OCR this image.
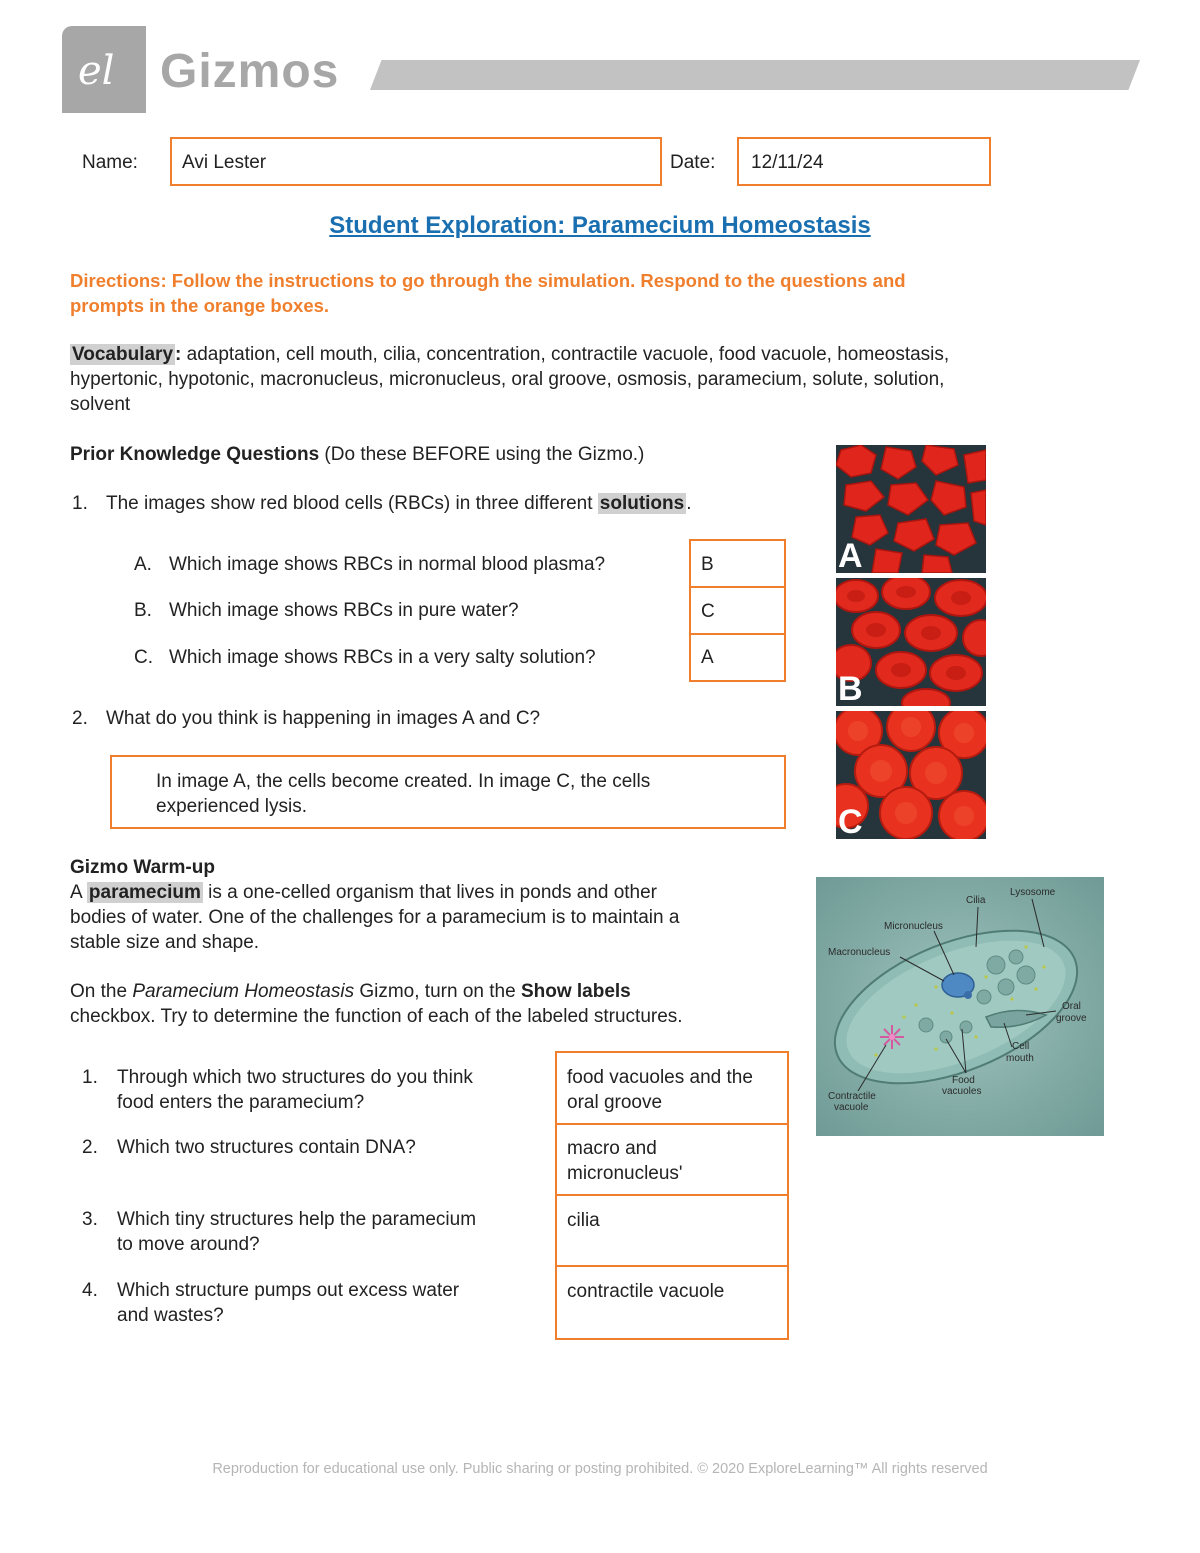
el Gizmos
Name: Avi Lester	Date: 12/11/24
Student Exploration: Paramecium Homeostasis
Directions: Follow the instructions to go through the simulation. Respond to the questions and
prompts in the orange boxes.
Vocabulary : adaptation, cell mouth, cilia, concentration, contractile vacuole, food vacuole, homeostasis,
hypertonic, hypotonic, macronucleus, micronucleus, oral groove, osmosis, paramecium, solute, solution,
solvent
Prior Knowledge Questions (Do these BEFORE using the Gizmo.)
1. The images show red blood cells (RBCs) in three different solutions .
A. Which image shows RBCs in normal blood plasma?
B. Which image shows RBCs in pure water?
C. Which image shows RBCs in a very salty solution?
B
C
A
2. What do you think is happening in images A and C?
In image A, the cells become created. In image C, the cells
experienced lysis.
A
B
C
Gizmo Warm-up
A paramecium is a one-celled organism that lives in ponds and other
bodies of water. One of the challenges for a paramecium is to maintain a
stable size and shape.
On the Paramecium Homeostasis Gizmo, turn on the Show labels
checkbox. Try to determine the function of each of the labeled structures.
Cilia
Lysosome
Micronucleus
Macronucleus
Oral
groove
Cell
mouth
Food
vacuoles
Contractile
vacuole
1. Through which two structures do you think
food enters the paramecium?
2. Which two structures contain DNA?
3. Which tiny structures help the paramecium
to move around?
4. Which structure pumps out excess water
and wastes?
food vacuoles and the
oral groove
macro and
micronucleus'
cilia
contractile vacuole
Reproduction for educational use only. Public sharing or posting prohibited. © 2020 ExploreLearning™ All rights reserved
